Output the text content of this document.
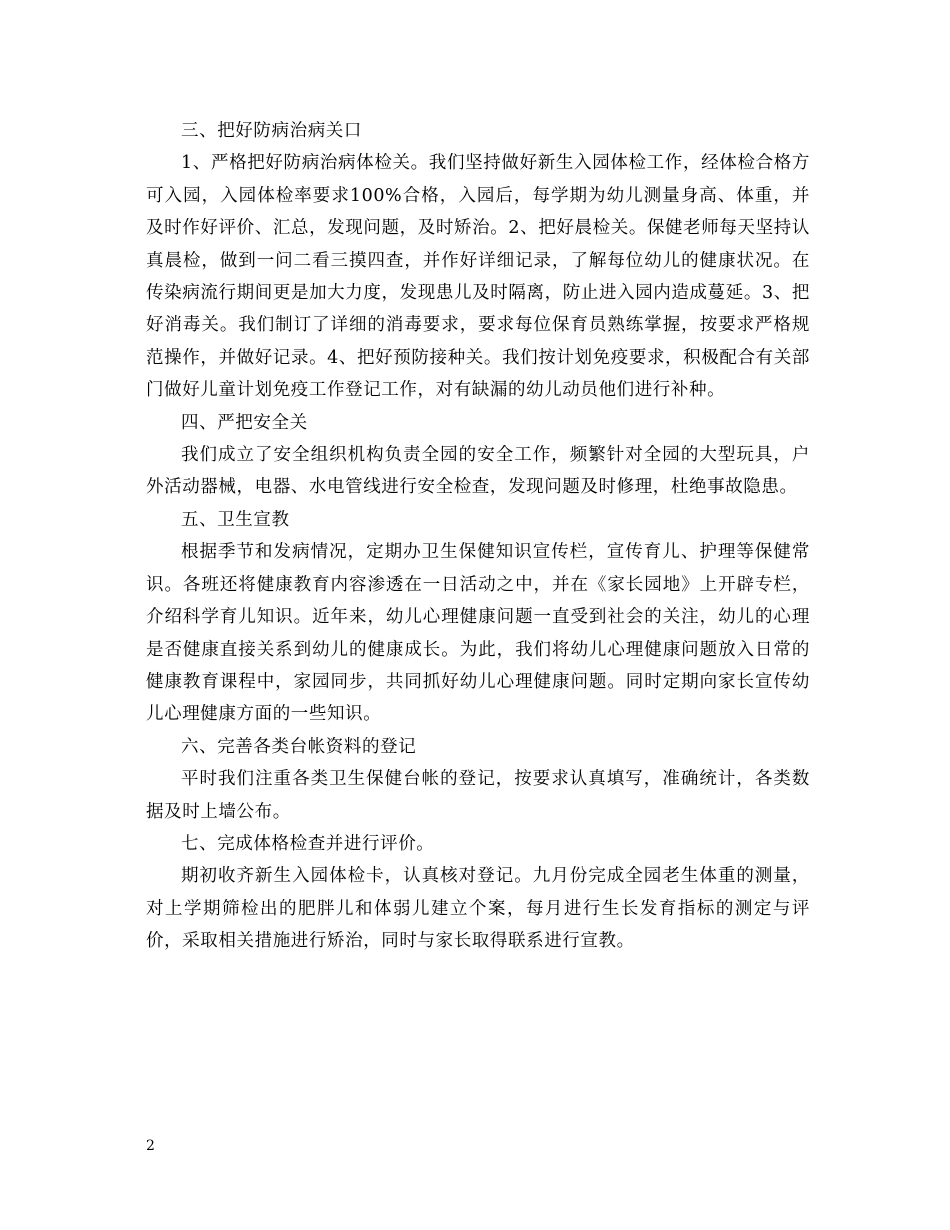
三、把好防病治病关口

1、严格把好防病治病体检关。我们坚持做好新生入园体检工作，经体检合格方可入园，入园体检率要求100%合格，入园后，每学期为幼儿测量身高、体重，并及时作好评价、汇总，发现问题，及时矫治。2、把好晨检关。保健老师每天坚持认真晨检，做到一问二看三摸四查，并作好详细记录，了解每位幼儿的健康状况。在传染病流行期间更是加大力度，发现患儿及时隔离，防止进入园内造成蔓延。3、把好消毒关。我们制订了详细的消毒要求，要求每位保育员熟练掌握，按要求严格规范操作，并做好记录。4、把好预防接种关。我们按计划免疫要求，积极配合有关部门做好儿童计划免疫工作登记工作，对有缺漏的幼儿动员他们进行补种。

四、严把安全关

我们成立了安全组织机构负责全园的安全工作，频繁针对全园的大型玩具，户外活动器械，电器、水电管线进行安全检查，发现问题及时修理，杜绝事故隐患。

五、卫生宣教

根据季节和发病情况，定期办卫生保健知识宣传栏，宣传育儿、护理等保健常识。各班还将健康教育内容渗透在一日活动之中，并在《家长园地》上开辟专栏，介绍科学育儿知识。近年来，幼儿心理健康问题一直受到社会的关注，幼儿的心理是否健康直接关系到幼儿的健康成长。为此，我们将幼儿心理健康问题放入日常的健康教育课程中，家园同步，共同抓好幼儿心理健康问题。同时定期向家长宣传幼儿心理健康方面的一些知识。

六、完善各类台帐资料的登记

平时我们注重各类卫生保健台帐的登记，按要求认真填写，准确统计，各类数据及时上墙公布。

七、完成体格检查并进行评价。

期初收齐新生入园体检卡，认真核对登记。九月份完成全园老生体重的测量，对上学期筛检出的肥胖儿和体弱儿建立个案，每月进行生长发育指标的测定与评价，采取相关措施进行矫治，同时与家长取得联系进行宣教。

2
